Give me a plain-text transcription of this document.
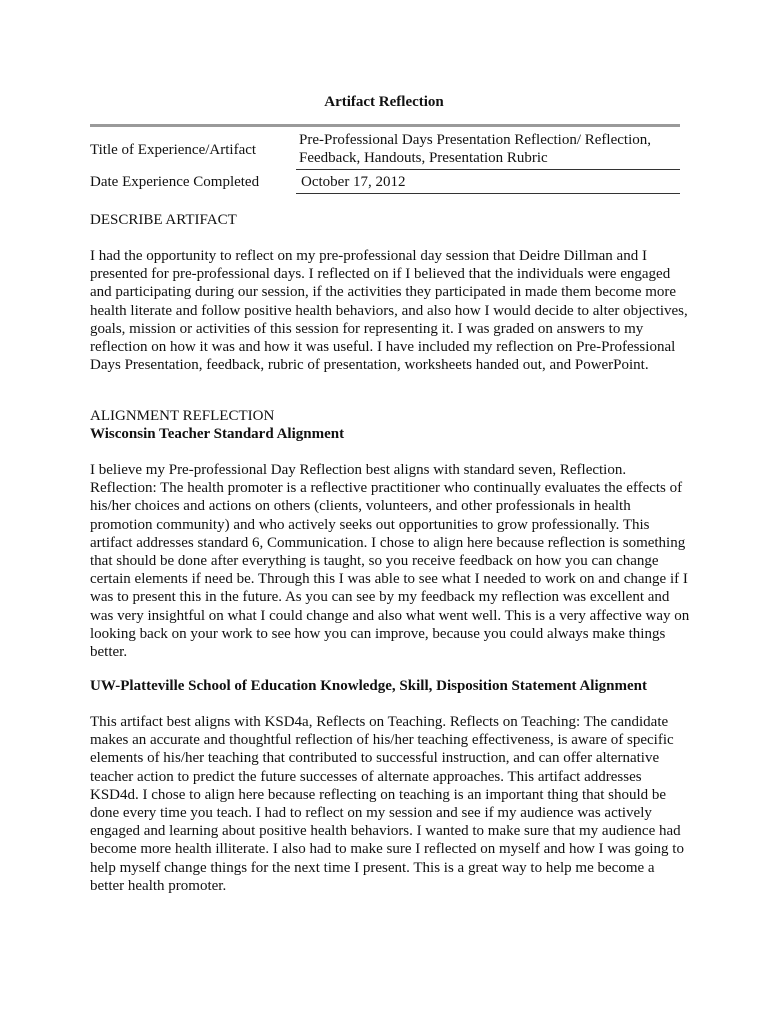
Artifact Reflection
Title of Experience/Artifact
Pre-Professional Days Presentation Reflection/ Reflection, Feedback, Handouts, Presentation Rubric
Date Experience Completed	October 17, 2012
DESCRIBE ARTIFACT
I had the opportunity to reflect on my pre-professional day session that Deidre Dillman and I presented for pre-professional days. I reflected on if I believed that the individuals were engaged and participating during our session, if the activities they participated in made them become more health literate and follow positive health behaviors, and also how I would decide to alter objectives, goals, mission or activities of this session for representing it. I was graded on answers to my reflection on how it was and how it was useful. I have included my reflection on Pre-Professional Days Presentation, feedback, rubric of presentation, worksheets handed out, and PowerPoint.
ALIGNMENT REFLECTION
Wisconsin Teacher Standard Alignment
I believe my Pre-professional Day Reflection best aligns with standard seven, Reflection. Reflection: The health promoter is a reflective practitioner who continually evaluates the effects of his/her choices and actions on others (clients, volunteers, and other professionals in health promotion community) and who actively seeks out opportunities to grow professionally. This artifact addresses standard 6, Communication. I chose to align here because reflection is something that should be done after everything is taught, so you receive feedback on how you can change certain elements if need be. Through this I was able to see what I needed to work on and change if I was to present this in the future. As you can see by my feedback my reflection was excellent and was very insightful on what I could change and also what went well. This is a very affective way on looking back on your work to see how you can improve, because you could always make things better.
UW-Platteville School of Education Knowledge, Skill, Disposition Statement Alignment
This artifact best aligns with KSD4a, Reflects on Teaching. Reflects on Teaching: The candidate makes an accurate and thoughtful reflection of his/her teaching effectiveness, is aware of specific elements of his/her teaching that contributed to successful instruction, and can offer alternative teacher action to predict the future successes of alternate approaches. This artifact addresses KSD4d. I chose to align here because reflecting on teaching is an important thing that should be done every time you teach. I had to reflect on my session and see if my audience was actively engaged and learning about positive health behaviors. I wanted to make sure that my audience had become more health illiterate. I also had to make sure I reflected on myself and how I was going to help myself change things for the next time I present. This is a great way to help me become a better health promoter.
